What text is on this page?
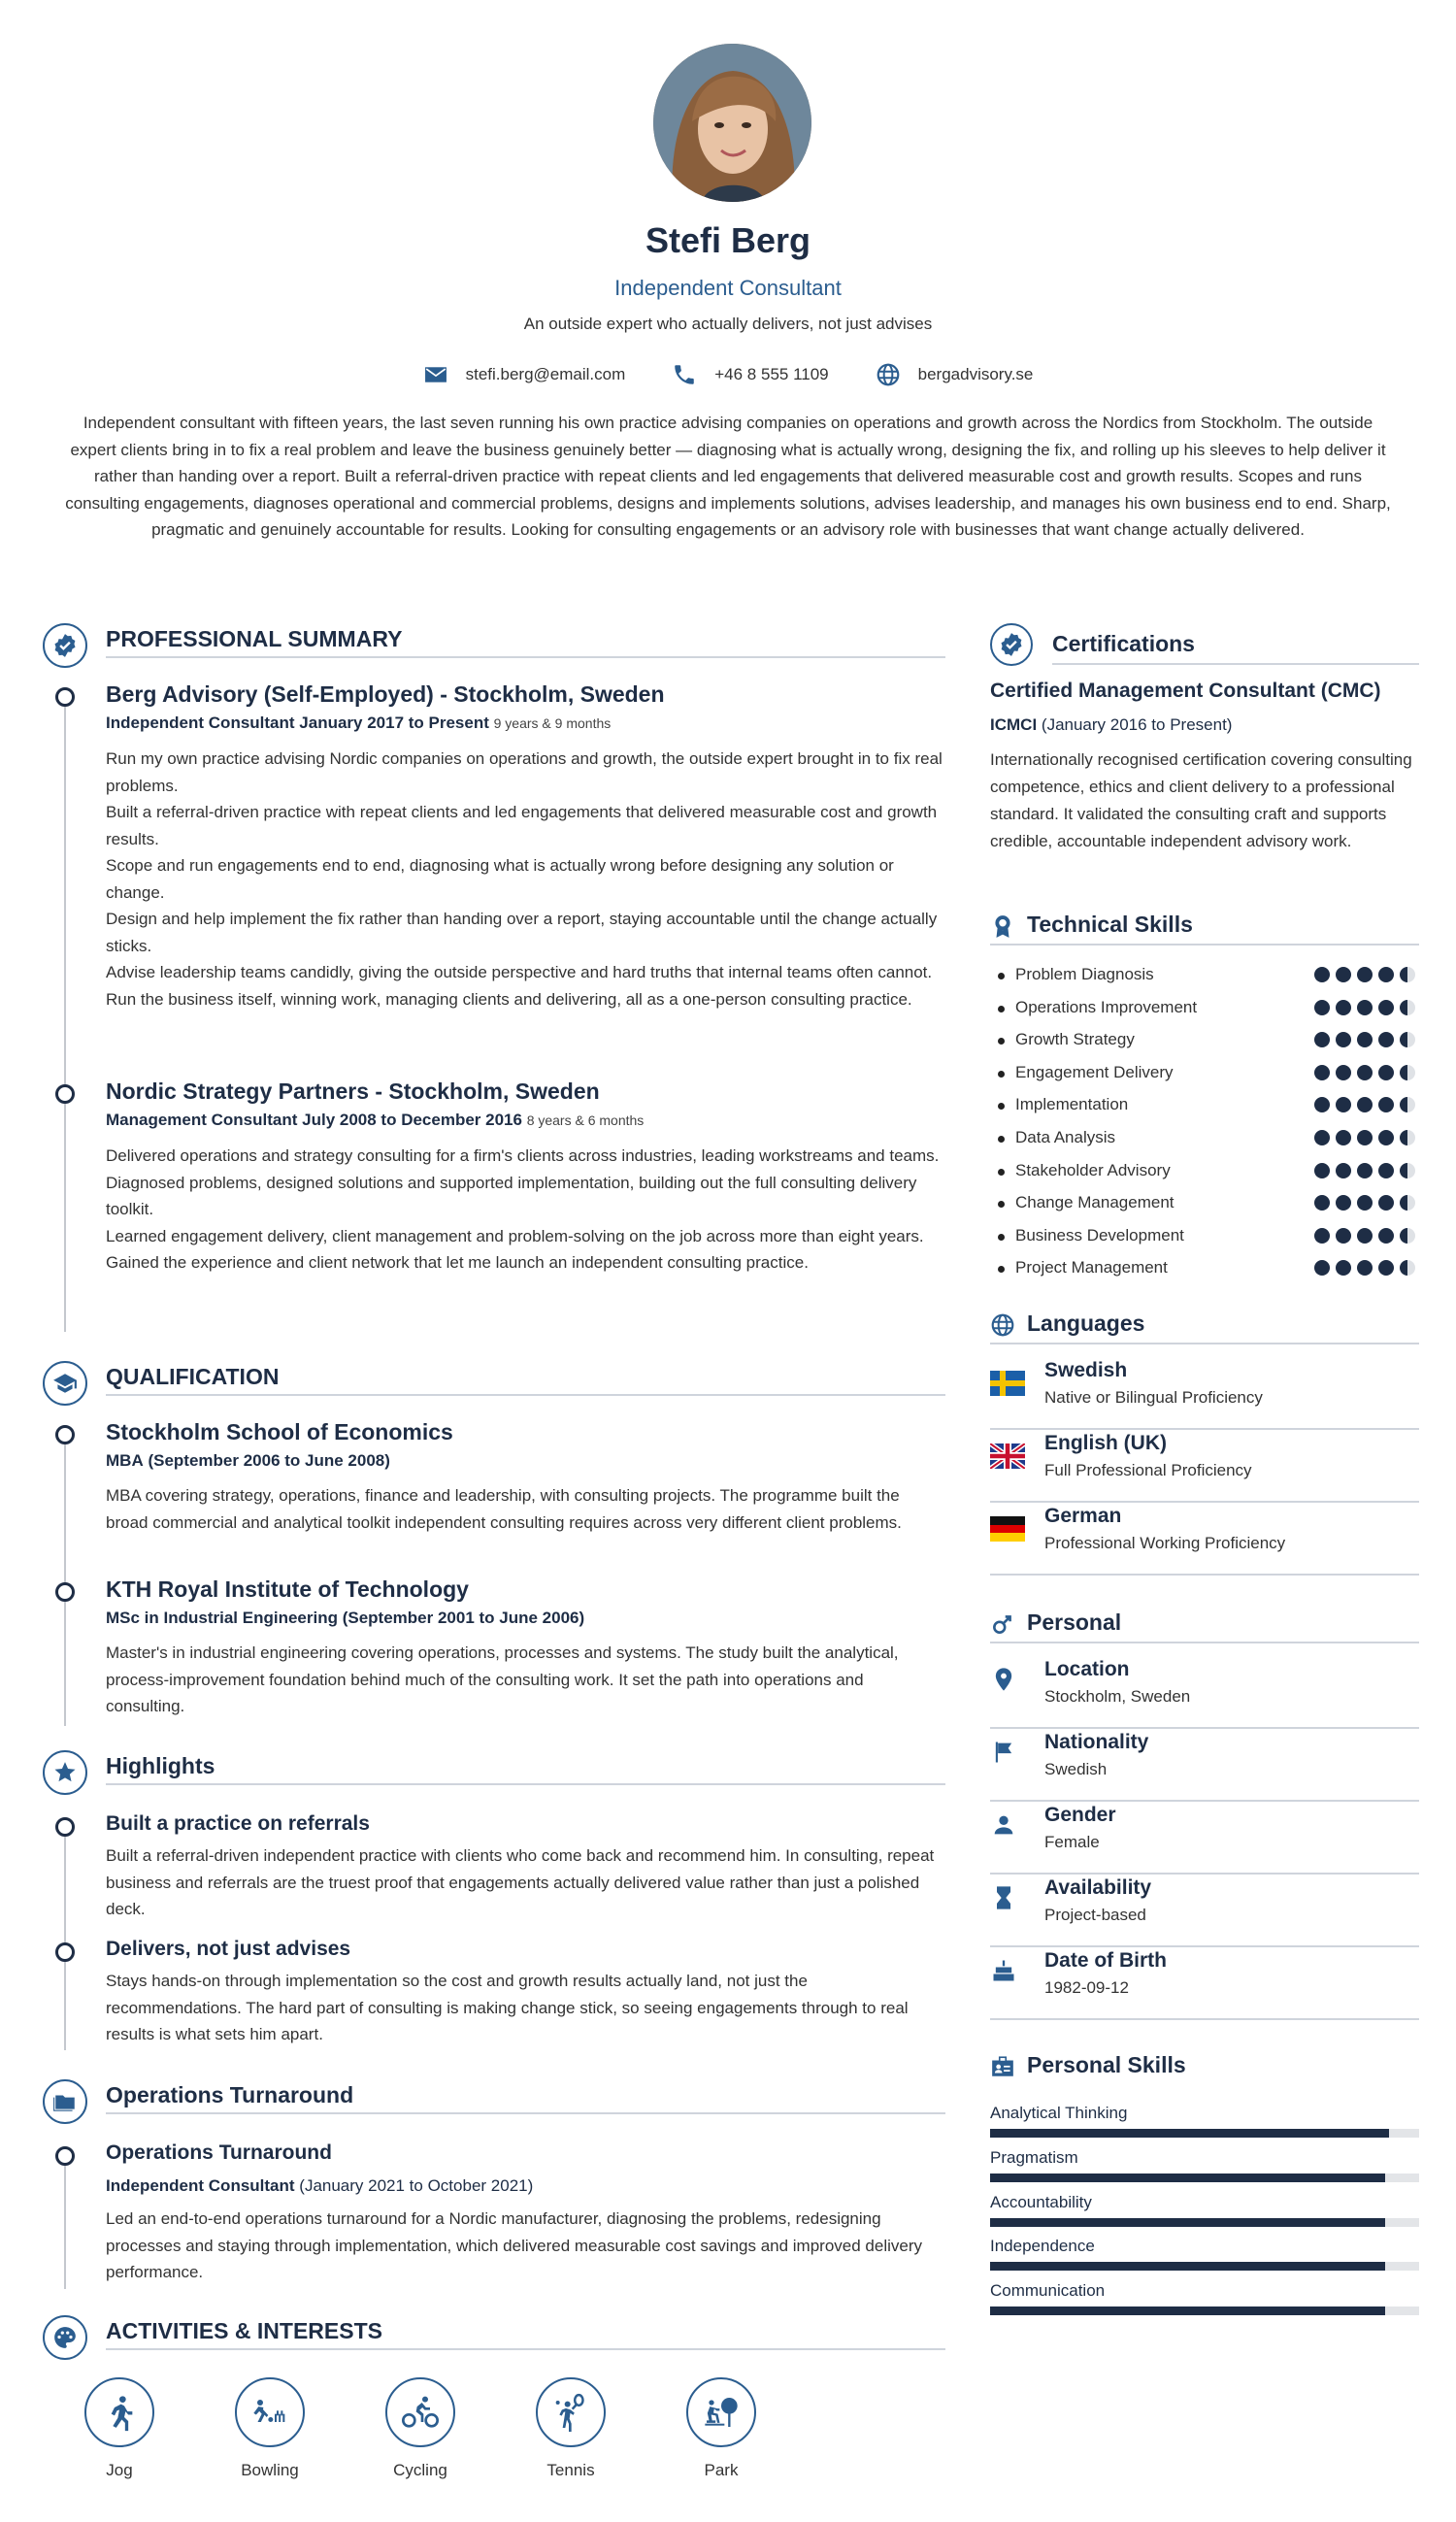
Stefi Berg
Independent Consultant
An outside expert who actually delivers, not just advises
stefi.berg@email.com	+46 8 555 1109	bergadvisory.se
Independent consultant with fifteen years, the last seven running his own practice advising companies on operations and growth across the Nordics from Stockholm. The outside expert clients bring in to fix a real problem and leave the business genuinely better — diagnosing what is actually wrong, designing the fix, and rolling up his sleeves to help deliver it rather than handing over a report. Built a referral-driven practice with repeat clients and led engagements that delivered measurable cost and growth results. Scopes and runs consulting engagements, diagnoses operational and commercial problems, designs and implements solutions, advises leadership, and manages his own business end to end. Sharp, pragmatic and genuinely accountable for results. Looking for consulting engagements or an advisory role with businesses that want change actually delivered.
PROFESSIONAL SUMMARY
Berg Advisory (Self-Employed) - Stockholm, Sweden
Independent Consultant January 2017 to Present 9 years & 9 months

Run my own practice advising Nordic companies on operations and growth, the outside expert brought in to fix real problems.

Built a referral-driven practice with repeat clients and led engagements that delivered measurable cost and growth results.

Scope and run engagements end to end, diagnosing what is actually wrong before designing any solution or change.

Design and help implement the fix rather than handing over a report, staying accountable until the change actually sticks.

Advise leadership teams candidly, giving the outside perspective and hard truths that internal teams often cannot.

Run the business itself, winning work, managing clients and delivering, all as a one-person consulting practice.

Nordic Strategy Partners - Stockholm, Sweden
Management Consultant July 2008 to December 2016 8 years & 6 months

Delivered operations and strategy consulting for a firm's clients across industries, leading workstreams and teams.

Diagnosed problems, designed solutions and supported implementation, building out the full consulting delivery toolkit.

Learned engagement delivery, client management and problem-solving on the job across more than eight years.

Gained the experience and client network that let me launch an independent consulting practice.

QUALIFICATION
Stockholm School of Economics
MBA (September 2006 to June 2008)
MBA covering strategy, operations, finance and leadership, with consulting projects. The programme built the broad commercial and analytical toolkit independent consulting requires across very different client problems.
KTH Royal Institute of Technology
MSc in Industrial Engineering (September 2001 to June 2006)
Master's in industrial engineering covering operations, processes and systems. The study built the analytical, process-improvement foundation behind much of the consulting work. It set the path into operations and consulting.
Highlights
Built a practice on referrals
Built a referral-driven independent practice with clients who come back and recommend him. In consulting, repeat business and referrals are the truest proof that engagements actually delivered value rather than just a polished deck.
Delivers, not just advises
Stays hands-on through implementation so the cost and growth results actually land, not just the recommendations. The hard part of consulting is making change stick, so seeing engagements through to real results is what sets him apart.
Operations Turnaround
Operations Turnaround
Independent Consultant (January 2021 to October 2021)
Led an end-to-end operations turnaround for a Nordic manufacturer, diagnosing the problems, redesigning processes and staying through implementation, which delivered measurable cost savings and improved delivery performance.
ACTIVITIES & INTERESTS
Jog	Bowling	Cycling	Tennis	Park
Certifications
Certified Management Consultant (CMC)
ICMCI (January 2016 to Present)
Internationally recognised certification covering consulting competence, ethics and client delivery to a professional standard. It validated the consulting craft and supports credible, accountable independent advisory work.
Technical Skills
Problem Diagnosis
Operations Improvement
Growth Strategy
Engagement Delivery
Implementation
Data Analysis
Stakeholder Advisory
Change Management
Business Development
Project Management
Languages
Swedish
Native or Bilingual Proficiency
English (UK)
Full Professional Proficiency
German
Professional Working Proficiency
Personal
Location
Stockholm, Sweden
Nationality
Swedish
Gender
Female
Availability
Project-based
Date of Birth
1982-09-12
Personal Skills
Analytical Thinking
Pragmatism
Accountability
Independence
Communication
